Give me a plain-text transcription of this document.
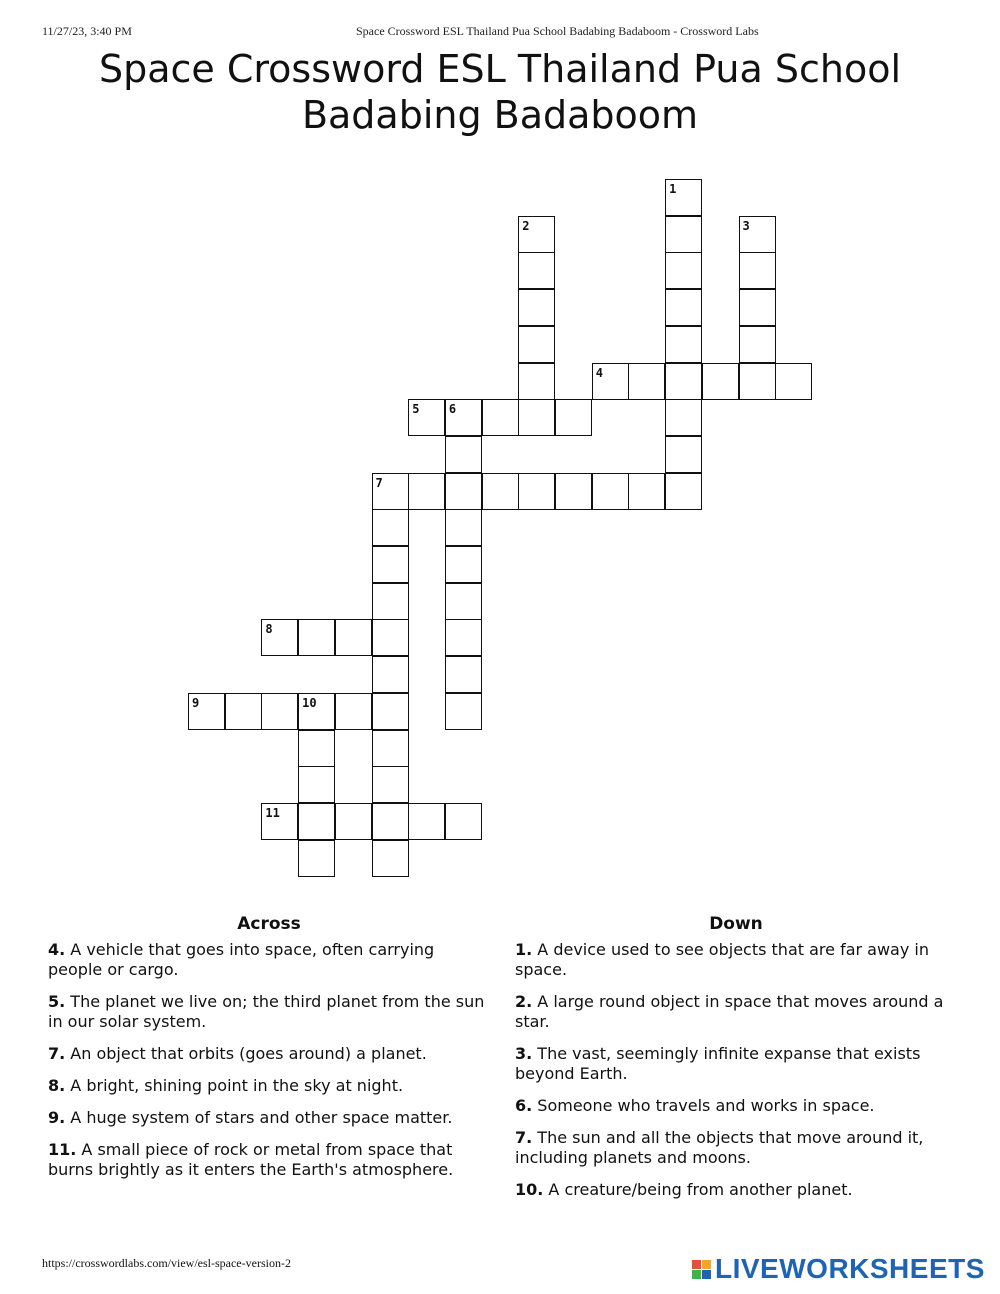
11/27/23, 3:40 PM	Space Crossword ESL Thailand Pua School Badabing Badaboom - Crossword Labs
Space Crossword ESL Thailand Pua School Badabing Badaboom
1
2	3
4
5 6
7
8
9	10
11
Across

4. A vehicle that goes into space, often carrying people or cargo.

5. The planet we live on; the third planet from the sun in our solar system.

7. An object that orbits (goes around) a planet.

8. A bright, shining point in the sky at night.

9. A huge system of stars and other space matter.

11. A small piece of rock or metal from space that burns brightly as it enters the Earth's atmosphere.

Down

1. A device used to see objects that are far away in space.

2. A large round object in space that moves around a star.

3. The vast, seemingly infinite expanse that exists beyond Earth.

6. Someone who travels and works in space.

7. The sun and all the objects that move around it, including planets and moons.

10. A creature/being from another planet.

https://crosswordlabs.com/view/esl-space-version-2	LIVEWORKSHEETS
